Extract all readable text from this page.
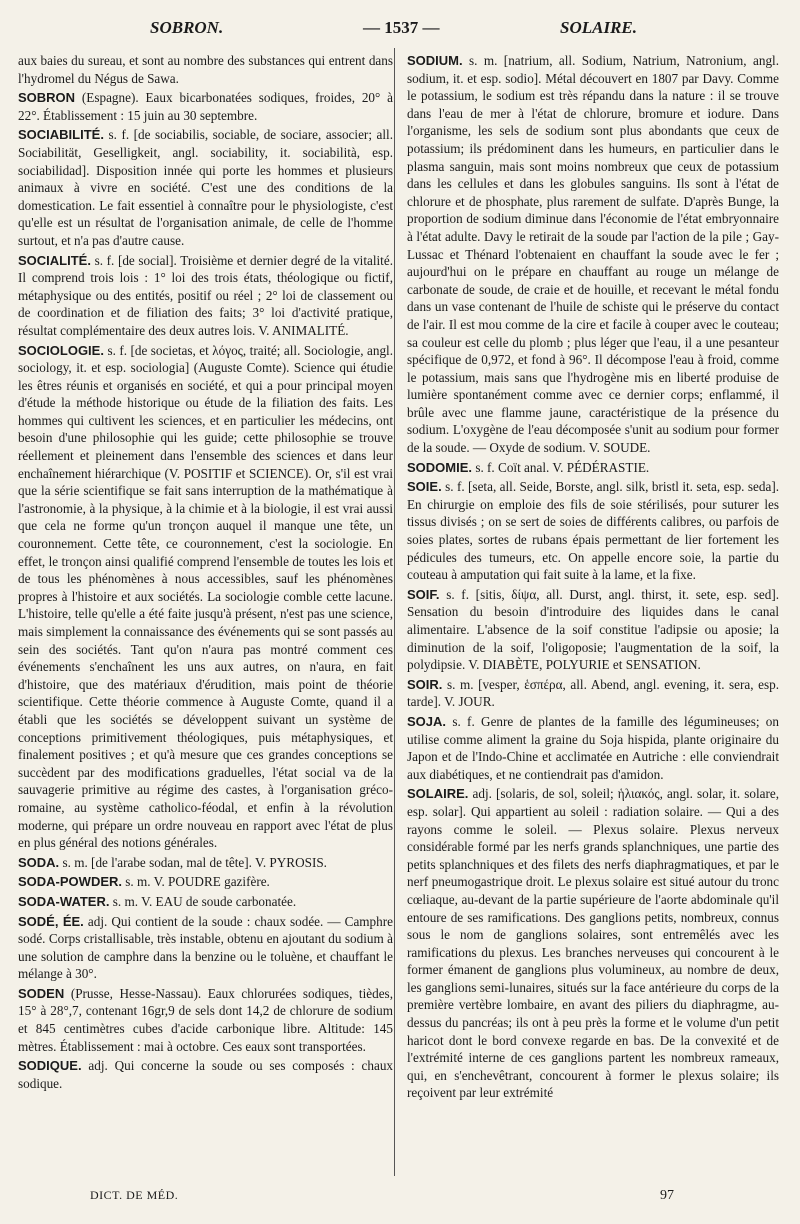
SOBRON.	— 1537 —	SOLAIRE.

aux baies du sureau, et sont au nombre des substances qui entrent dans l'hydromel du Négus de Sawa.

SOBRON (Espagne). Eaux bicarbonatées sodiques, froides, 20° à 22°. Établissement : 15 juin au 30 septembre.

SOCIABILITÉ. s. f. [de sociabilis, sociable, de sociare, associer; all. Sociabilität, Geselligkeit, angl. sociability, it. sociabilità, esp. sociabilidad]. Disposition innée qui porte les hommes et plusieurs animaux à vivre en société. C'est une des conditions de la domestication. Le fait essentiel à connaître pour le physiologiste, c'est qu'elle est un résultat de l'organisation animale, de celle de l'homme surtout, et n'a pas d'autre cause.

SOCIALITÉ. s. f. [de social]. Troisième et dernier degré de la vitalité. Il comprend trois lois : 1° loi des trois états, théologique ou fictif, métaphysique ou des entités, positif ou réel ; 2° loi de classement ou de coordination et de filiation des faits; 3° loi d'activité pratique, résultat complémentaire des deux autres lois. V. ANIMALITÉ.

SOCIOLOGIE. s. f. [de societas, et λόγος, traité; all. Sociologie, angl. sociology, it. et esp. sociologia] (Auguste Comte). Science qui étudie les êtres réunis et organisés en société, et qui a pour principal moyen d'étude la méthode historique ou étude de la filiation des faits. Les hommes qui cultivent les sciences, et en particulier les médecins, ont besoin d'une philosophie qui les guide; cette philosophie se trouve réellement et pleinement dans l'ensemble des sciences et dans leur enchaînement hiérarchique (V. POSITIF et SCIENCE). Or, s'il est vrai que la série scientifique se fait sans interruption de la mathématique à l'astronomie, à la physique, à la chimie et à la biologie, il est vrai aussi que cela ne forme qu'un tronçon auquel il manque une tête, un couronnement. Cette tête, ce couronnement, c'est la sociologie. En effet, le tronçon ainsi qualifié comprend l'ensemble de toutes les lois et de tous les phénomènes à nous accessibles, sauf les phénomènes propres à l'histoire et aux sociétés. La sociologie comble cette lacune. L'histoire, telle qu'elle a été faite jusqu'à présent, n'est pas une science, mais simplement la connaissance des événements qui se sont passés au sein des sociétés. Tant qu'on n'aura pas montré comment ces événements s'enchaînent les uns aux autres, on n'aura, en fait d'histoire, que des matériaux d'érudition, mais point de théorie scientifique. Cette théorie commence à Auguste Comte, quand il a établi que les sociétés se développent suivant un système de conceptions primitivement théologiques, puis métaphysiques, et finalement positives ; et qu'à mesure que ces grandes conceptions se succèdent par des modifications graduelles, l'état social va de la sauvagerie primitive au régime des castes, à l'organisation gréco-romaine, au système catholico-féodal, et enfin à la révolution moderne, qui prépare un ordre nouveau en rapport avec l'état de plus en plus général des notions générales.

SODA. s. m. [de l'arabe sodan, mal de tête]. V. PYROSIS.

SODA-POWDER. s. m. V. POUDRE gazifère.

SODA-WATER. s. m. V. EAU de soude carbonatée.

SODÉ, ÉE. adj. Qui contient de la soude : chaux sodée. — Camphre sodé. Corps cristallisable, très instable, obtenu en ajoutant du sodium à une solution de camphre dans la benzine ou le toluène, et chauffant le mélange à 30°.

SODEN (Prusse, Hesse-Nassau). Eaux chlorurées sodiques, tièdes, 15° à 28°,7, contenant 16gr,9 de sels dont 14,2 de chlorure de sodium et 845 centimètres cubes d'acide carbonique libre. Altitude: 145 mètres. Établissement : mai à octobre. Ces eaux sont transportées.

SODIQUE. adj. Qui concerne la soude ou ses composés : chaux sodique.

SODIUM. s. m. [natrium, all. Sodium, Natrium, Natronium, angl. sodium, it. et esp. sodio]. Métal découvert en 1807 par Davy. Comme le potassium, le sodium est très répandu dans la nature : il se trouve dans l'eau de mer à l'état de chlorure, bromure et iodure. Dans l'organisme, les sels de sodium sont plus abondants que ceux de potassium; ils prédominent dans les humeurs, en particulier dans le plasma sanguin, mais sont moins nombreux que ceux de potassium dans les cellules et dans les globules sanguins. Ils sont à l'état de chlorure et de phosphate, plus rarement de sulfate. D'après Bunge, la proportion de sodium diminue dans l'économie de l'état embryonnaire à l'état adulte. Davy le retirait de la soude par l'action de la pile ; Gay-Lussac et Thénard l'obtenaient en chauffant la soude avec le fer ; aujourd'hui on le prépare en chauffant au rouge un mélange de carbonate de soude, de craie et de houille, et recevant le métal fondu dans un vase contenant de l'huile de schiste qui le préserve du contact de l'air. Il est mou comme de la cire et facile à couper avec le couteau; sa couleur est celle du plomb ; plus léger que l'eau, il a une pesanteur spécifique de 0,972, et fond à 96°. Il décompose l'eau à froid, comme le potassium, mais sans que l'hydrogène mis en liberté produise de lumière spontanément comme avec ce dernier corps; enflammé, il brûle avec une flamme jaune, caractéristique de la présence du sodium. L'oxygène de l'eau décomposée s'unit au sodium pour former de la soude. — Oxyde de sodium. V. SOUDE.

SODOMIE. s. f. Coït anal. V. PÉDÉRASTIE.

SOIE. s. f. [seta, all. Seide, Borste, angl. silk, bristl it. seta, esp. seda]. En chirurgie on emploie des fils de soie stérilisés, pour suturer les tissus divisés ; on se sert de soies de différents calibres, ou parfois de soies plates, sortes de rubans épais permettant de lier fortement les pédicules des tumeurs, etc. On appelle encore soie, la partie du couteau à amputation qui fait suite à la lame, et la fixe.

SOIF. s. f. [sitis, δίψα, all. Durst, angl. thirst, it. sete, esp. sed]. Sensation du besoin d'introduire des liquides dans le canal alimentaire. L'absence de la soif constitue l'adipsie ou aposie; la diminution de la soif, l'oligoposie; l'augmentation de la soif, la polydipsie. V. DIABÈTE, POLYURIE et SENSATION.

SOIR. s. m. [vesper, ἑσπέρα, all. Abend, angl. evening, it. sera, esp. tarde]. V. JOUR.

SOJA. s. f. Genre de plantes de la famille des légumineuses; on utilise comme aliment la graine du Soja hispida, plante originaire du Japon et de l'Indo-Chine et acclimatée en Autriche : elle conviendrait aux diabétiques, et ne contiendrait pas d'amidon.

SOLAIRE. adj. [solaris, de sol, soleil; ἡλιακός, angl. solar, it. solare, esp. solar]. Qui appartient au soleil : radiation solaire. — Qui a des rayons comme le soleil. — Plexus solaire. Plexus nerveux considérable formé par les nerfs grands splanchniques, une partie des petits splanchniques et des filets des nerfs diaphragmatiques, et par le nerf pneumogastrique droit. Le plexus solaire est situé autour du tronc cœliaque, au-devant de la partie supérieure de l'aorte abdominale qu'il entoure de ses ramifications. Des ganglions petits, nombreux, connus sous le nom de ganglions solaires, sont entremêlés avec les ramifications du plexus. Les branches nerveuses qui concourent à le former émanent de ganglions plus volumineux, au nombre de deux, les ganglions semi-lunaires, situés sur la face antérieure du corps de la première vertèbre lombaire, en avant des piliers du diaphragme, au-dessus du pancréas; ils ont à peu près la forme et le volume d'un petit haricot dont le bord convexe regarde en bas. De la convexité et de l'extrémité interne de ces ganglions partent les nombreux rameaux, qui, en s'enchevêtrant, concourent à former le plexus solaire; ils reçoivent par leur extrémité

DICT. DE MÉD.	97
